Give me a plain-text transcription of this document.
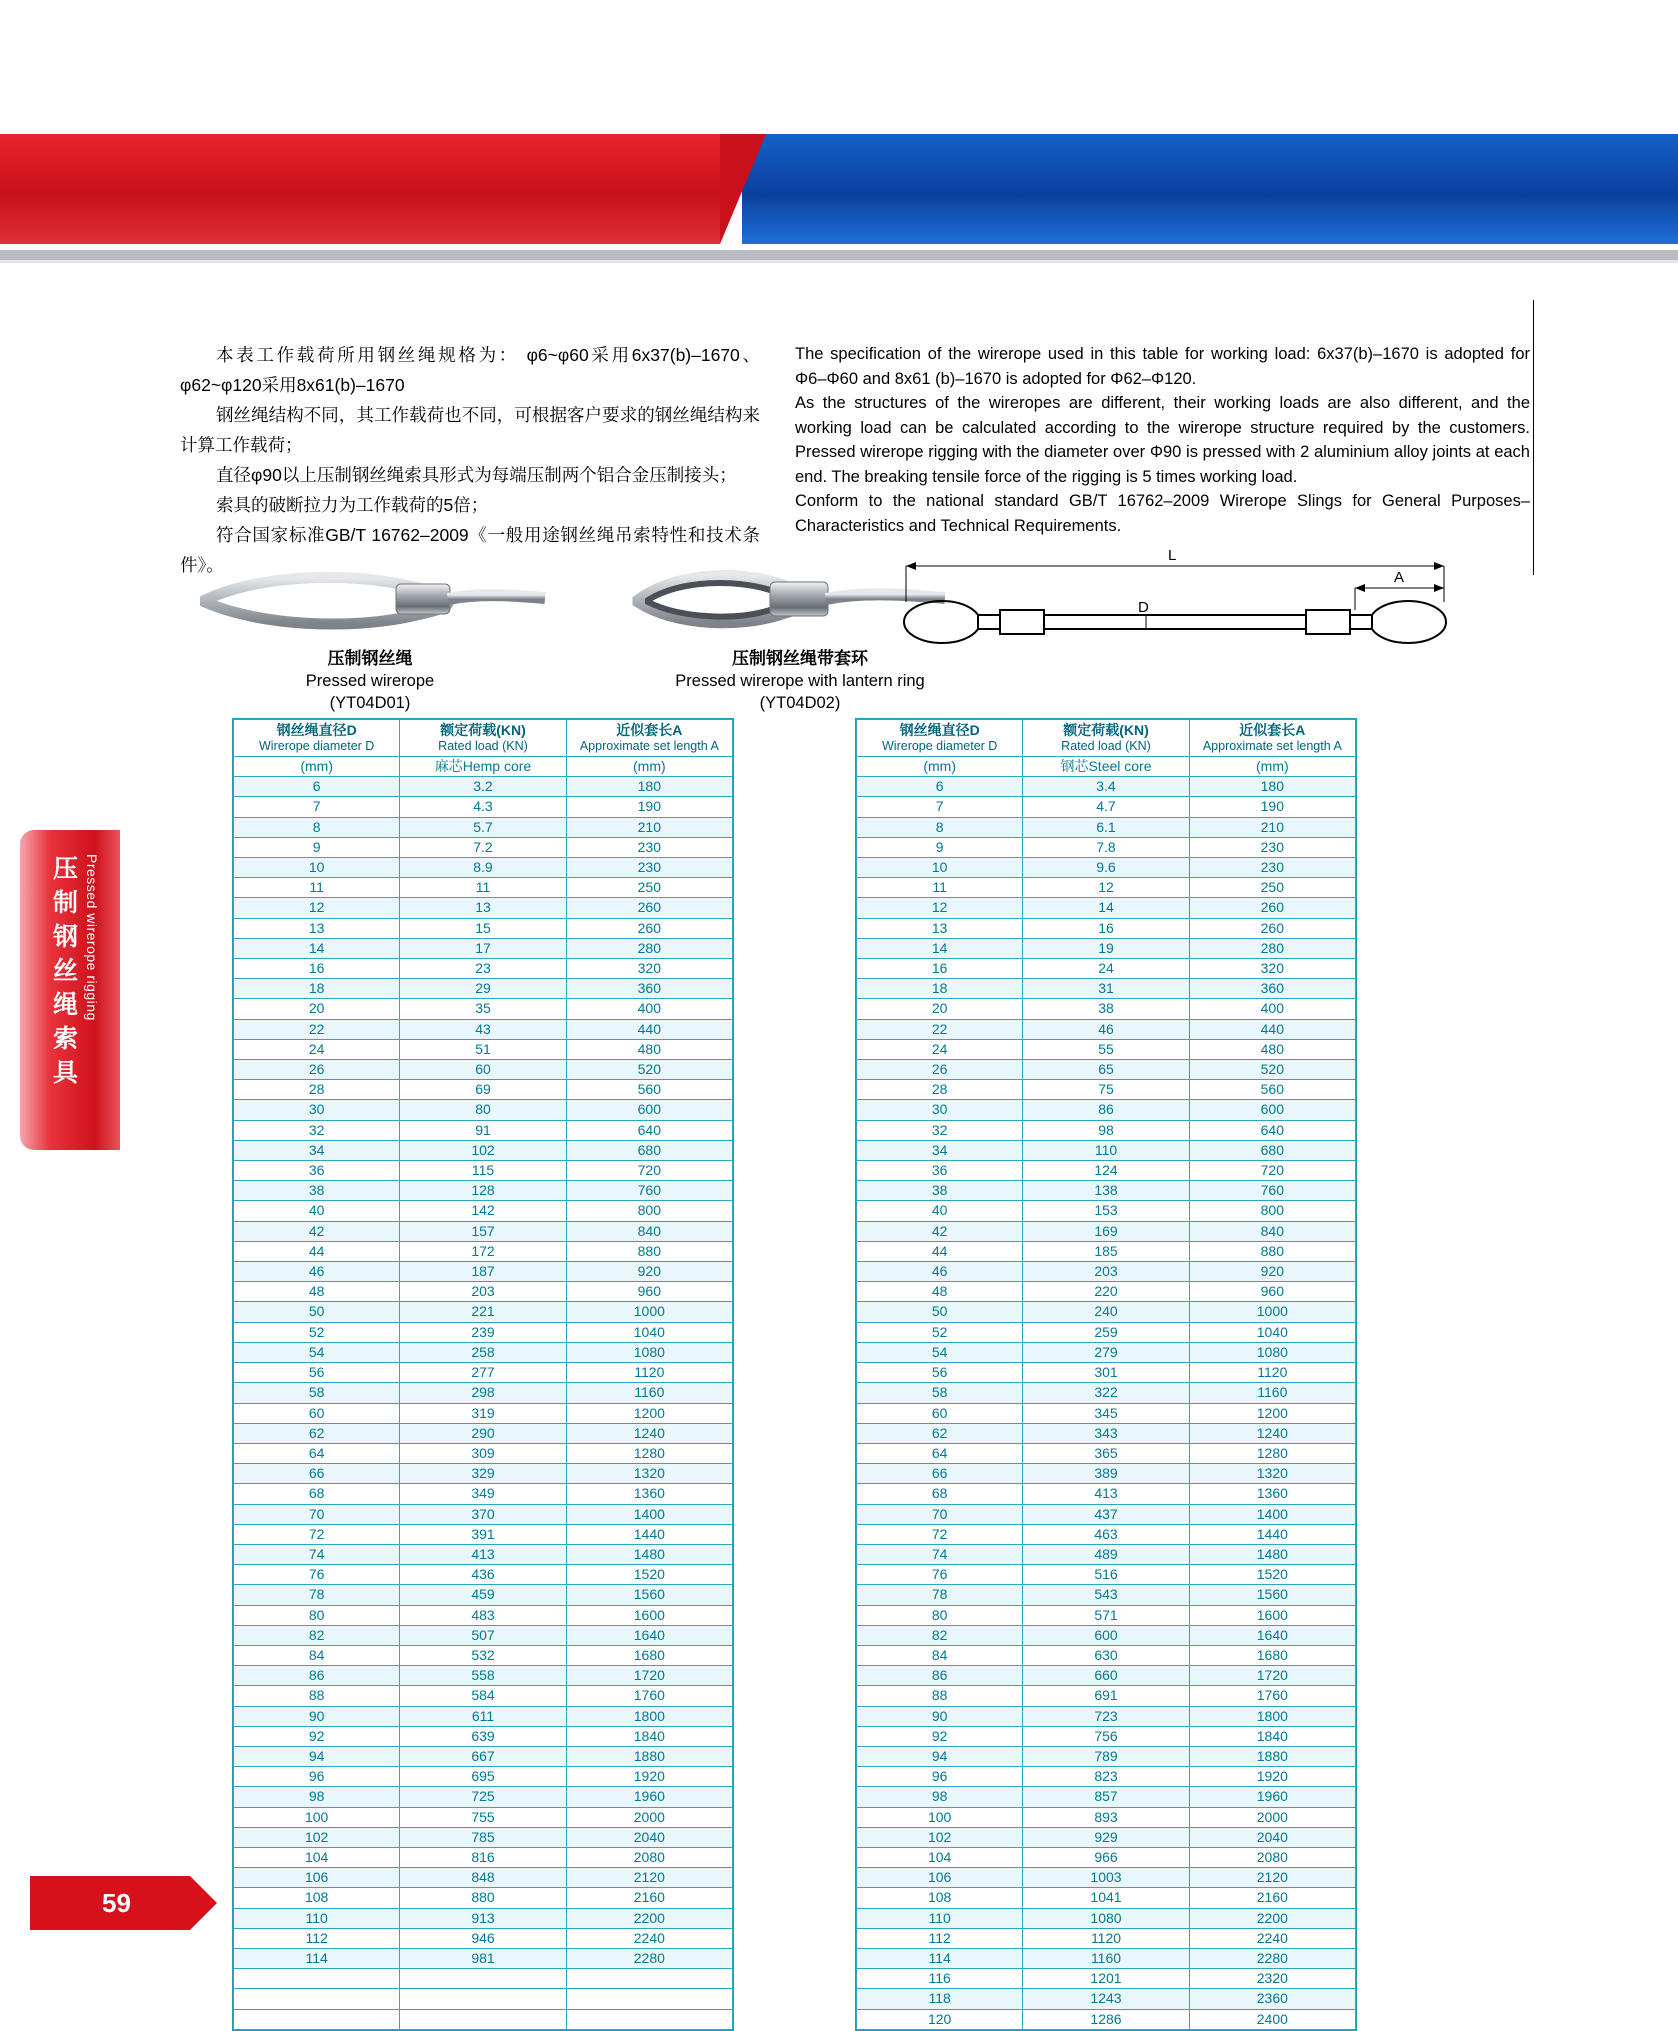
压制钢丝绳索具
Pressed wirerope rigging
59

本表工作载荷所用钢丝绳规格为： φ6~φ60采用6x37(b)–1670、φ62~φ120采用8x61(b)–1670

钢丝绳结构不同，其工作载荷也不同，可根据客户要求的钢丝绳结构来计算工作载荷；

直径φ90以上压制钢丝绳索具形式为每端压制两个铝合金压制接头；

索具的破断拉力为工作载荷的5倍；

符合国家标准GB/T 16762–2009《一般用途钢丝绳吊索特性和技术条件》。

The specification of the wirerope used in this table for working load: 6x37(b)–1670 is adopted for Φ6–Φ60 and 8x61 (b)–1670 is adopted for Φ62–Φ120.

As the structures of the wireropes are different, their working loads are also different, and the working load can be calculated according to the wirerope structure required by the customers. Pressed wirerope rigging with the diameter over Φ90 is pressed with 2 aluminium alloy joints at each end. The breaking tensile force of the rigging is 5 times working load.

Conform to the national standard GB/T 16762–2009 Wirerope Slings for General Purposes–Characteristics and Technical Requirements.

压制钢丝绳
Pressed wirerope
(YT04D01)
压制钢丝绳带套环
Pressed wirerope with lantern ring
(YT04D02)
L
A
D
钢丝绳直径D
Wirerope diameter D	额定荷载(KN)
Rated load (KN)	近似套长A
Approximate set length A

(mm)	麻芯Hemp core	(mm)
6	3.2	180
7	4.3	190
8	5.7	210
9	7.2	230
10	8.9	230
11	11	250
12	13	260
13	15	260
14	17	280
16	23	320
18	29	360
20	35	400
22	43	440
24	51	480
26	60	520
28	69	560
30	80	600
32	91	640
34	102	680
36	115	720
38	128	760
40	142	800
42	157	840
44	172	880
46	187	920
48	203	960
50	221	1000
52	239	1040
54	258	1080
56	277	1120
58	298	1160
60	319	1200
62	290	1240
64	309	1280
66	329	1320
68	349	1360
70	370	1400
72	391	1440
74	413	1480
76	436	1520
78	459	1560
80	483	1600
82	507	1640
84	532	1680
86	558	1720
88	584	1760
90	611	1800
92	639	1840
94	667	1880
96	695	1920
98	725	1960
100	755	2000
102	785	2040
104	816	2080
106	848	2120
108	880	2160
110	913	2200
112	946	2240
114	981	2280

钢丝绳直径D
Wirerope diameter D	额定荷载(KN)
Rated load (KN)	近似套长A
Approximate set length A

(mm)	钢芯Steel core	(mm)
6	3.4	180
7	4.7	190
8	6.1	210
9	7.8	230
10	9.6	230
11	12	250
12	14	260
13	16	260
14	19	280
16	24	320
18	31	360
20	38	400
22	46	440
24	55	480
26	65	520
28	75	560
30	86	600
32	98	640
34	110	680
36	124	720
38	138	760
40	153	800
42	169	840
44	185	880
46	203	920
48	220	960
50	240	1000
52	259	1040
54	279	1080
56	301	1120
58	322	1160
60	345	1200
62	343	1240
64	365	1280
66	389	1320
68	413	1360
70	437	1400
72	463	1440
74	489	1480
76	516	1520
78	543	1560
80	571	1600
82	600	1640
84	630	1680
86	660	1720
88	691	1760
90	723	1800
92	756	1840
94	789	1880
96	823	1920
98	857	1960
100	893	2000
102	929	2040
104	966	2080
106	1003	2120
108	1041	2160
110	1080	2200
112	1120	2240
114	1160	2280
116	1201	2320
118	1243	2360
120	1286	2400
